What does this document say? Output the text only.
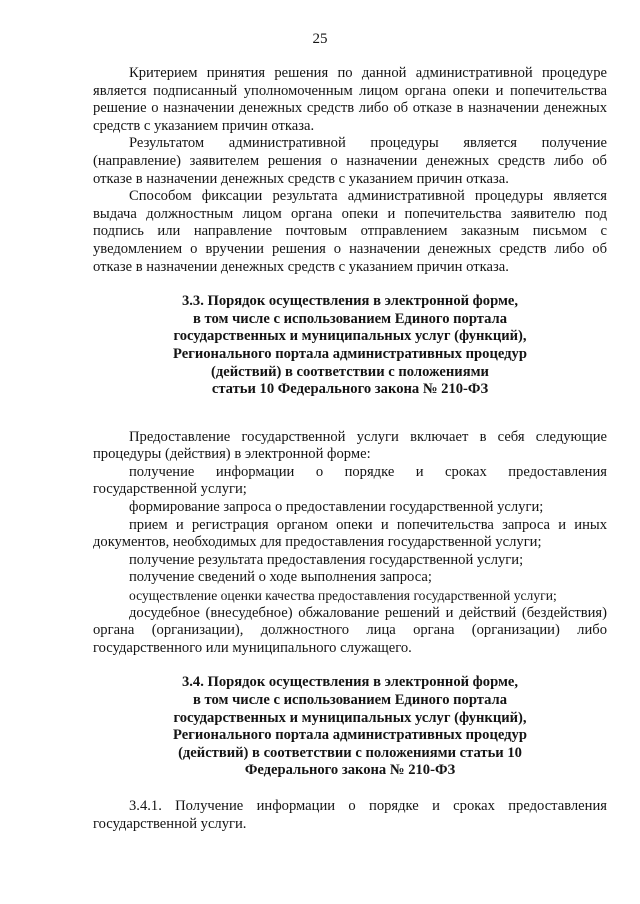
25

Критерием принятия решения по данной административной процедуре является подписанный уполномоченным лицом органа опеки и попечительства решение о назначении денежных средств либо об отказе в назначении денежных средств с указанием причин отказа.

Результатом административной процедуры является получение (направление) заявителем решения о назначении денежных средств либо об отказе в назначении денежных средств с указанием причин отказа.

Способом фиксации результата административной процедуры является выдача должностным лицом органа опеки и попечительства заявителю под подпись или направление почтовым отправлением заказным письмом с уведомлением о вручении решения о назначении денежных средств либо об отказе в назначении денежных средств с указанием причин отказа.

3.3. Порядок осуществления в электронной форме,
в том числе с использованием Единого портала
государственных и муниципальных услуг (функций),
Регионального портала административных процедур
(действий) в соответствии с положениями
статьи 10 Федерального закона № 210-ФЗ

Предоставление государственной услуги включает в себя следующие процедуры (действия) в электронной форме:

получение информации о порядке и сроках предоставления государственной услуги;

формирование запроса о предоставлении государственной услуги;

прием и регистрация органом опеки и попечительства запроса и иных документов, необходимых для предоставления государственной услуги;

получение результата предоставления государственной услуги;

получение сведений о ходе выполнения запроса;

осуществление оценки качества предоставления государственной услуги;

досудебное (внесудебное) обжалование решений и действий (бездействия) органа (организации), должностного лица органа (организации) либо государственного или муниципального служащего.

3.4. Порядок осуществления в электронной форме,
в том числе с использованием Единого портала
государственных и муниципальных услуг (функций),
Регионального портала административных процедур
(действий) в соответствии с положениями статьи 10
Федерального закона № 210-ФЗ

3.4.1. Получение информации о порядке и сроках предоставления государственной услуги.
